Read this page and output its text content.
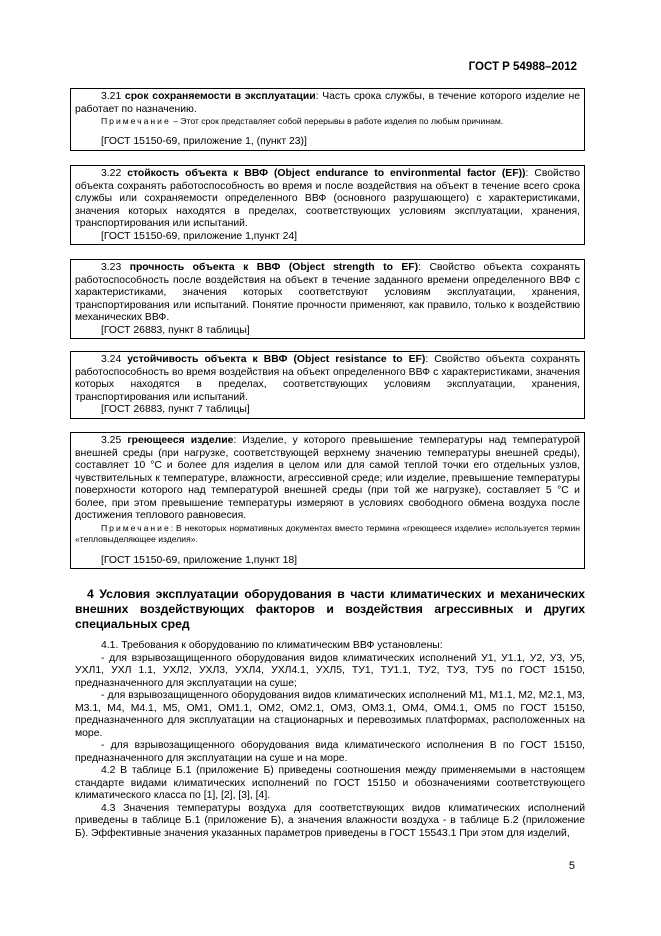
ГОСТ Р 54988–2012

3.21 срок сохраняемости в эксплуатации: Часть срока службы, в течение которого изделие не работает по назначению.

Примечание – Этот срок представляет собой перерывы в работе изделия по любым причинам.

[ГОСТ 15150-69, приложение 1, (пункт 23)]

3.22 стойкость объекта к ВВФ (Object endurance to environmental factor (EF)): Свойство объекта сохранять работоспособность во время и после воздействия на объект в течение всего срока службы или сохраняемости определенного ВВФ (основного разрушающего) с характеристиками, значения которых находятся в пределах, соответствующих условиям эксплуатации, хранения, транспортирования или испытаний.

[ГОСТ 15150-69, приложение 1,пункт 24]

3.23 прочность объекта к ВВФ (Object strength to EF): Свойство объекта сохранять работоспособность после воздействия на объект в течение заданного времени определенного ВВФ с характеристиками, значения которых соответствуют условиям эксплуатации, хранения, транспортирования или испытаний. Понятие прочности применяют, как правило, только к воздействию механических ВВФ.

[ГОСТ 26883, пункт 8 таблицы]

3.24 устойчивость объекта к ВВФ (Object resistance to EF): Свойство объекта сохранять работоспособность во время воздействия на объект определенного ВВФ с характеристиками, значения которых находятся в пределах, соответствующих условиям эксплуатации, хранения, транспортирования или испытаний.

[ГОСТ 26883, пункт 7 таблицы]

3.25 греющееся изделие: Изделие, у которого превышение температуры над температурой внешней среды (при нагрузке, соответствующей верхнему значению температуры внешней среды), составляет 10 °С и более для изделия в целом или для самой теплой точки его отдельных узлов, чувствительных к температуре, влажности, агрессивной среде; или изделие, превышение температуры поверхности которого над температурой внешней среды (при той же нагрузке), составляет 5 °С и более, при этом превышение температуры измеряют в условиях свободного обмена воздуха после достижения теплового равновесия.

Примечание: В некоторых нормативных документах вместо термина «греющееся изделие» используется термин «тепловыделяющее изделия».

[ГОСТ 15150-69, приложение 1,пункт 18]

4 Условия эксплуатации оборудования в части климатических и механических внешних воздействующих факторов и воздействия агрессивных и других специальных сред

4.1. Требования к оборудованию по климатическим ВВФ установлены:

- для взрывозащищенного оборудования видов климатических исполнений У1, У1.1, У2, У3, У5, УХЛ1, УХЛ 1.1, УХЛ2, УХЛ3, УХЛ4, УХЛ4.1, УХЛ5, ТУ1, ТУ1.1, ТУ2, ТУ3, ТУ5 по ГОСТ 15150, предназначенного для эксплуатации на суше;

- для взрывозащищенного оборудования видов климатических исполнений М1, М1.1, М2, М2.1, М3, М3.1, М4, М4.1, М5, ОМ1, ОМ1.1, ОМ2, ОМ2.1, ОМ3, ОМ3.1, ОМ4, ОМ4.1, ОМ5 по ГОСТ 15150, предназначенного для эксплуатации на стационарных и перевозимых платформах, расположенных на море.

- для взрывозащищенного оборудования вида климатического исполнения В по ГОСТ 15150, предназначенного для эксплуатации на суше и на море.

4.2 В таблице Б.1 (приложение Б) приведены соотношения между применяемыми в настоящем стандарте видами климатических исполнений по ГОСТ 15150 и обозначениями соответствующего климатического класса по [1], [2], [3], [4].

4.3 Значения температуры воздуха для соответствующих видов климатических исполнений приведены в таблице Б.1 (приложение Б), а значения влажности воздуха - в таблице Б.2 (приложение Б). Эффективные значения указанных параметров приведены в ГОСТ 15543.1 При этом для изделий,

5
